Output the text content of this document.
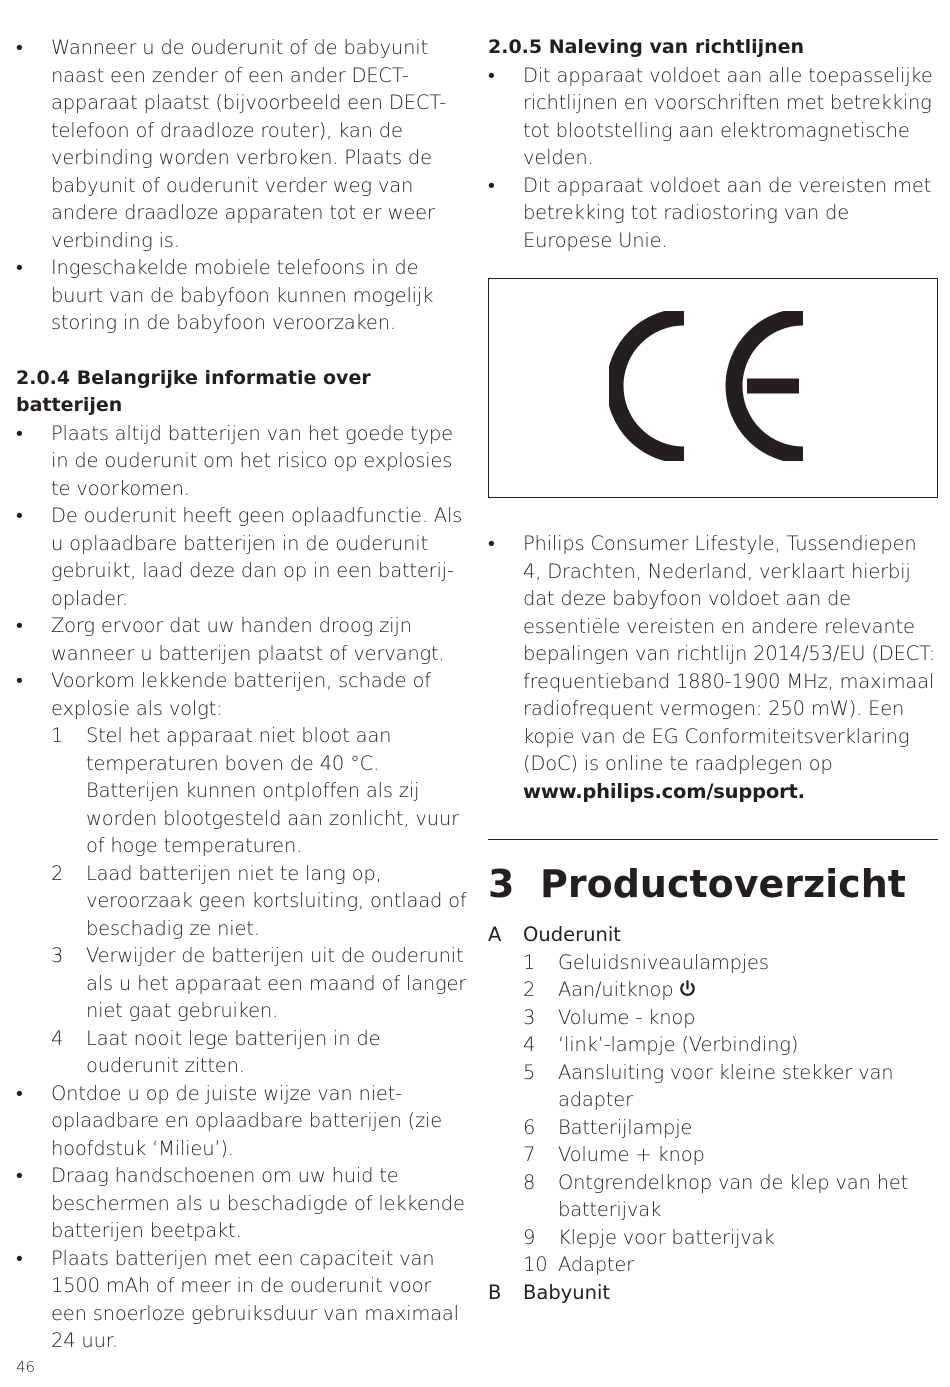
•	Wanneer u de ouderunit of de babyunit naast een zender of een ander DECT-apparaat plaatst (bijvoorbeeld een DECT-telefoon of draadloze router), kan de verbinding worden verbroken. Plaats de babyunit of ouderunit verder weg van andere draadloze apparaten tot er weer verbinding is.
•	Ingeschakelde mobiele telefoons in de buurt van de babyfoon kunnen mogelijk storing in de babyfoon veroorzaken.
2.0.4 Belangrijke informatie over batterijen
•	Plaats altijd batterijen van het goede type in de ouderunit om het risico op explosies te voorkomen.
•	De ouderunit heeft geen oplaadfunctie. Als u oplaadbare batterijen in de ouderunit gebruikt, laad deze dan op in een batterij-oplader.
•	Zorg ervoor dat uw handen droog zijn wanneer u batterijen plaatst of vervangt.
•	Voorkom lekkende batterijen, schade of explosie als volgt:
1	Stel het apparaat niet bloot aan temperaturen boven de 40 °C. Batterijen kunnen ontploffen als zij worden blootgesteld aan zonlicht, vuur of hoge temperaturen.
2	Laad batterijen niet te lang op, veroorzaak geen kortsluiting, ontlaad of beschadig ze niet.
3	Verwijder de batterijen uit de ouderunit als u het apparaat een maand of langer niet gaat gebruiken.
4	Laat nooit lege batterijen in de ouderunit zitten.
•	Ontdoe u op de juiste wijze van niet-oplaadbare en oplaadbare batterijen (zie hoofdstuk ‘Milieu’).
•	Draag handschoenen om uw huid te beschermen als u beschadigde of lekkende batterijen beetpakt.
•	Plaats batterijen met een capaciteit van 1500 mAh of meer in de ouderunit voor een snoerloze gebruiksduur van maximaal 24 uur.
2.0.5 Naleving van richtlijnen
•	Dit apparaat voldoet aan alle toepasselijke richtlijnen en voorschriften met betrekking tot blootstelling aan elektromagnetische velden.
•	Dit apparaat voldoet aan de vereisten met betrekking tot radiostoring van de Europese Unie.
•	Philips Consumer Lifestyle, Tussendiepen 4, Drachten, Nederland, verklaart hierbij dat deze babyfoon voldoet aan de essentiële vereisten en andere relevante bepalingen van richtlijn 2014/53/EU (DECT: frequentieband 1880-1900 MHz, maximaal radiofrequent vermogen: 250 mW). Een kopie van de EG Conformiteitsverklaring (DoC) is online te raadplegen op www.philips.com/support.
3 Productoverzicht
A	Ouderunit
1	Geluidsniveaulampjes
2	Aan/uitknop
3	Volume - knop
4	‘link’-lampje (Verbinding)
5	Aansluiting voor kleine stekker van adapter
6	Batterijlampje
7	Volume + knop
8	Ontgrendelknop van de klep van het batterijvak
9	Klepje voor batterijvak
10 Adapter
B	Babyunit
46
